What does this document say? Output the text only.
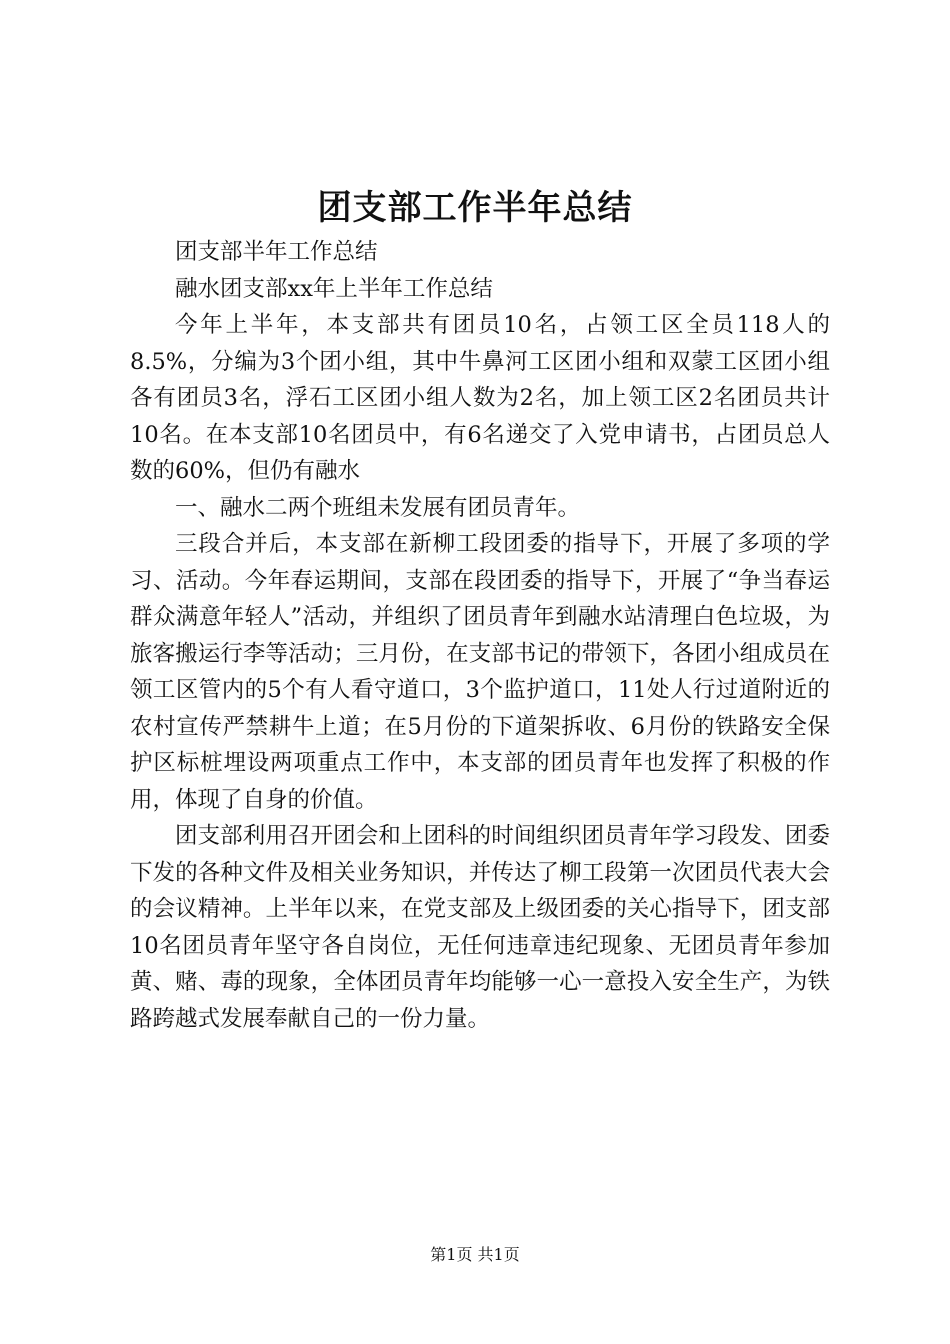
团支部工作半年总结

团支部半年工作总结

融水团支部xx年上半年工作总结

今年上半年，本支部共有团员10名，占领工区全员118人的8.5%，分编为3个团小组，其中牛鼻河工区团小组和双蒙工区团小组各有团员3名，浮石工区团小组人数为2名，加上领工区2名团员共计10名。在本支部10名团员中，有6名递交了入党申请书，占团员总人数的60%，但仍有融水

一、融水二两个班组未发展有团员青年。

三段合并后，本支部在新柳工段团委的指导下，开展了多项的学习、活动。今年春运期间，支部在段团委的指导下，开展了“争当春运群众满意年轻人”活动，并组织了团员青年到融水站清理白色垃圾，为旅客搬运行李等活动；三月份，在支部书记的带领下，各团小组成员在领工区管内的5个有人看守道口，3个监护道口，11处人行过道附近的农村宣传严禁耕牛上道；在5月份的下道架拆收、6月份的铁路安全保护区标桩埋设两项重点工作中，本支部的团员青年也发挥了积极的作用，体现了自身的价值。

团支部利用召开团会和上团科的时间组织团员青年学习段发、团委下发的各种文件及相关业务知识，并传达了柳工段第一次团员代表大会的会议精神。上半年以来，在党支部及上级团委的关心指导下，团支部10名团员青年坚守各自岗位，无任何违章违纪现象、无团员青年参加黄、赌、毒的现象，全体团员青年均能够一心一意投入安全生产，为铁路跨越式发展奉献自己的一份力量。

第1页 共1页
